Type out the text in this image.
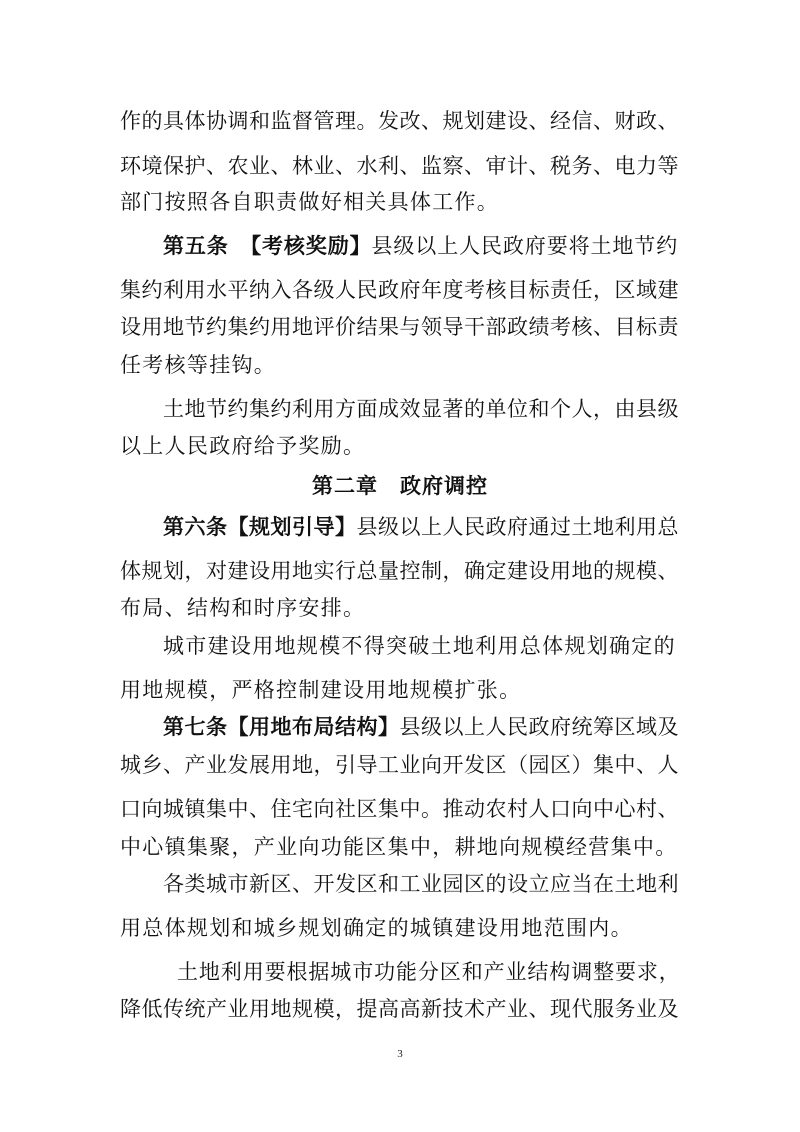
作的具体协调和监督管理。发改、规划建设、经信、财政、
环境保护、农业、林业、水利、监察、审计、税务、电力等
部门按照各自职责做好相关具体工作。
第五条　【考核奖励】县级以上人民政府要将土地节约
集约利用水平纳入各级人民政府年度考核目标责任，区域建
设用地节约集约用地评价结果与领导干部政绩考核、目标责
任考核等挂钩。
土地节约集约利用方面成效显著的单位和个人，由县级
以上人民政府给予奖励。
第二章　政府调控
第六条【规划引导】县级以上人民政府通过土地利用总
体规划，对建设用地实行总量控制，确定建设用地的规模、
布局、结构和时序安排。
城市建设用地规模不得突破土地利用总体规划确定的
用地规模，严格控制建设用地规模扩张。
第七条【用地布局结构】县级以上人民政府统筹区域及
城乡、产业发展用地，引导工业向开发区（园区）集中、人
口向城镇集中、住宅向社区集中。推动农村人口向中心村、
中心镇集聚，产业向功能区集中，耕地向规模经营集中。
各类城市新区、开发区和工业园区的设立应当在土地利
用总体规划和城乡规划确定的城镇建设用地范围内。
土地利用要根据城市功能分区和产业结构调整要求，
降低传统产业用地规模，提高高新技术产业、现代服务业及
3
